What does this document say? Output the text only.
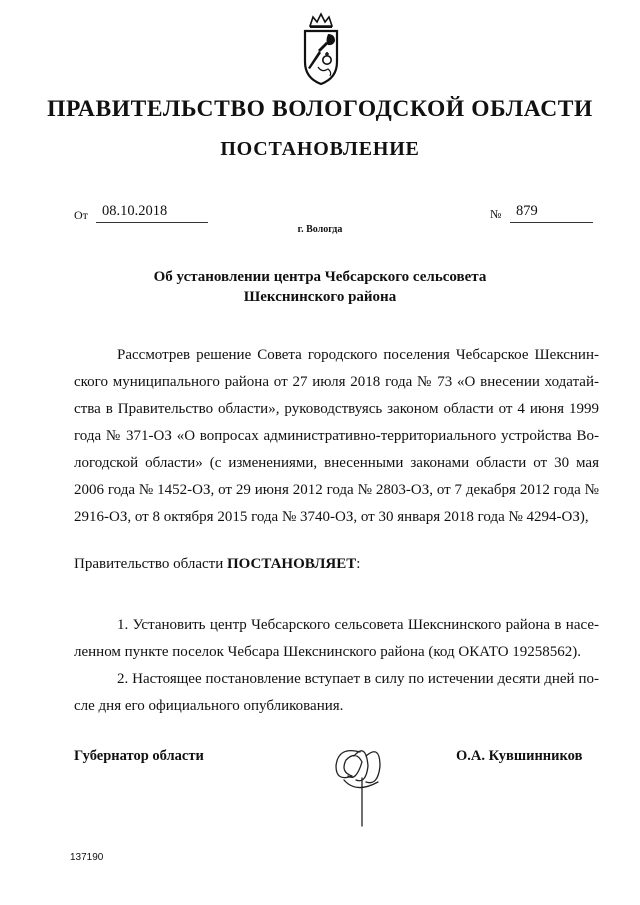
ПРАВИТЕЛЬСТВО ВОЛОГОДСКОЙ ОБЛАСТИ
ПОСТАНОВЛЕНИЕ
От 08.10.2018	№ 879
г. Вологда
Об установлении центра Чебсарского сельсовета
Шекснинского района
Рассмотрев решение Совета городского поселения Чебсарское Шекснинского муниципального района от 27 июля 2018 года № 73 «О внесении ходатайства в Правительство области», руководствуясь законом области от 4 июня 1999 года № 371-ОЗ «О вопросах административно-территориального устройства Вологодской области» (с изменениями, внесенными законами области от 30 мая 2006 года № 1452-ОЗ, от 29 июня 2012 года № 2803-ОЗ, от 7 декабря 2012 года № 2916-ОЗ, от 8 октября 2015 года № 3740-ОЗ, от 30 января 2018 года № 4294-ОЗ),
Правительство области ПОСТАНОВЛЯЕТ:
1. Установить центр Чебсарского сельсовета Шекснинского района в населенном пункте поселок Чебсара Шекснинского района (код ОКАТО 19258562).
2. Настоящее постановление вступает в силу по истечении десяти дней после дня его официального опубликования.
Губернатор области	О.А. Кувшинников
137190
